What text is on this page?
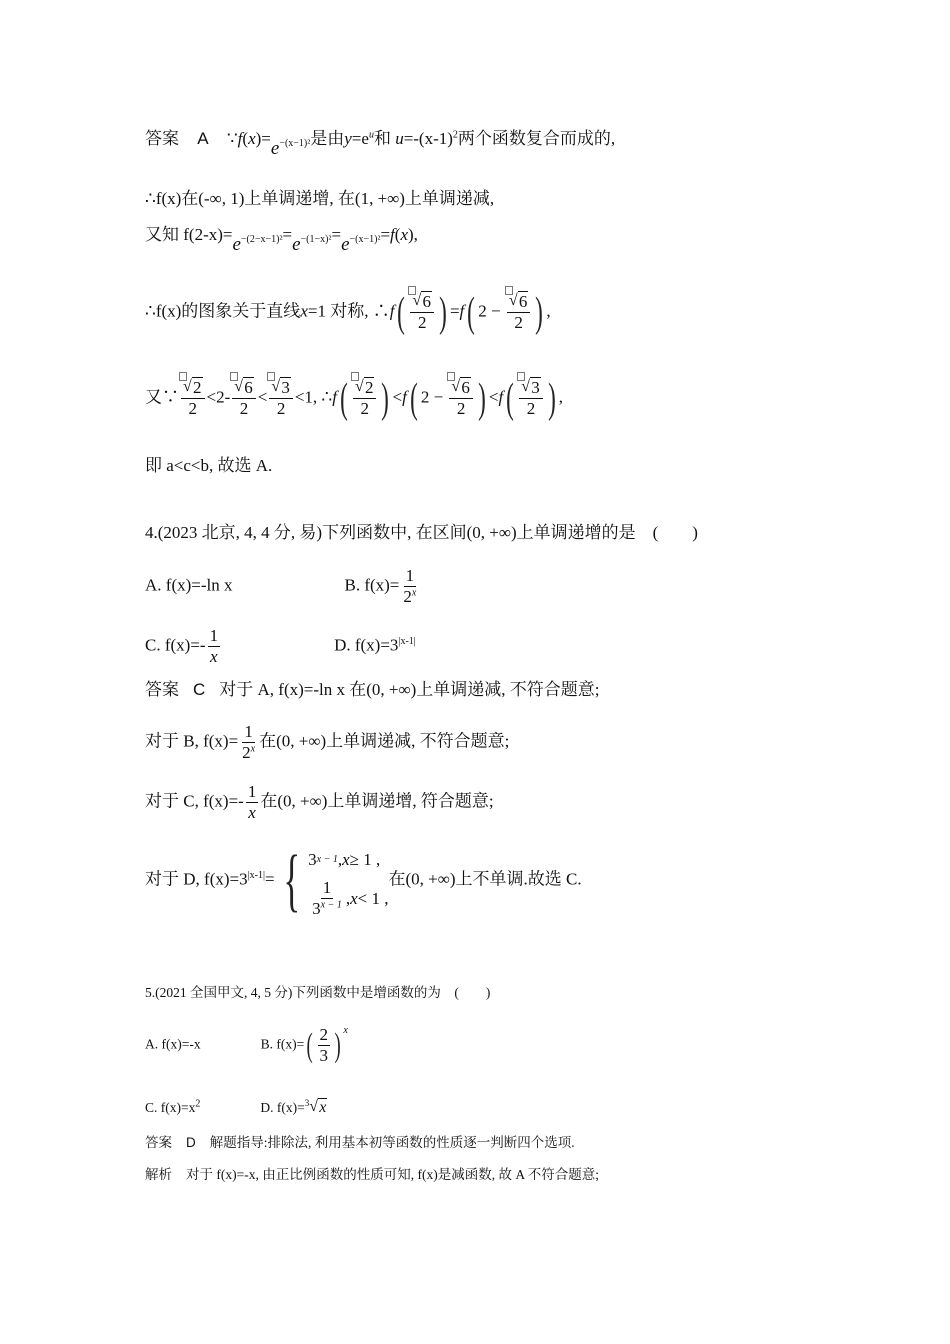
答案 A $\because f(x)=e^{-(x-1)^2}$是由$y=e^u$和 $u=-(x-1)^2$两个函数复合而成的,
∴f(x)在(-∞, 1)上单调递增, 在(1, +∞)上单调递减,
又知 $f(2-x)=e^{-(2-x-1)^2}=e^{-(1-x)^2}=e^{-(x-1)^2}=f(x)$,
∴f(x)的图象关于直线x=1 对称, ∴f( $\frac{√ 6}{2}$ ) =f( $2 - \frac{√ 6}{2}$ ) ,
又∵ $\frac{√ 2}{2} <2- \frac{√ 6}{2} < \frac{√ 3}{2} <1$, ∴f( $\frac{√ 2}{2}$ ) <f( $2 - \frac{√ 6}{2}$ ) $<f( \frac{√ 3}{2}$ ) ,
即 a<c<b, 故选 A.
4.(2023 北京, 4, 4 分, 易)下列函数中, 在区间(0, +∞)上单调递增的是　(　　)
A. f(x)=-ln x	B. $f(x)= \frac{1}{2^x}$
C. $f(x)=- \frac{1}{x}$	D. $f(x)=3^{|x-1|}$
答案 C 对于 A, f(x)=-ln x 在(0, +∞)上单调递减, 不符合题意;
对于 B, $f(x)= \frac{1}{2^x}$ 在(0, +∞)上单调递减, 不符合题意;
对于 C, $f(x)=- \frac{1}{x}$ 在(0, +∞)上单调递增, 符合题意;
对于 D, $f(x)=3^{|x-1|}=$ { 3 x − 1 , x ≥ 1 ,
$\frac{1}{3^{x - 1}}$ , x < 1 ,
在(0, +∞)上不单调.故选 C.
5.(2021 全国甲文, 4, 5 分)下列函数中是增函数的为　(　　)
A. f(x)=-x	B. $f(x)=( \frac{2}{3}$ ) $^x$
C. $f(x)=x^2$	D. f(x)=$^3$ √ x
答案 D 解题指导:排除法, 利用基本初等函数的性质逐一判断四个选项.
解析 对于 f(x)=-x, 由正比例函数的性质可知, f(x)是减函数, 故 A 不符合题意;
